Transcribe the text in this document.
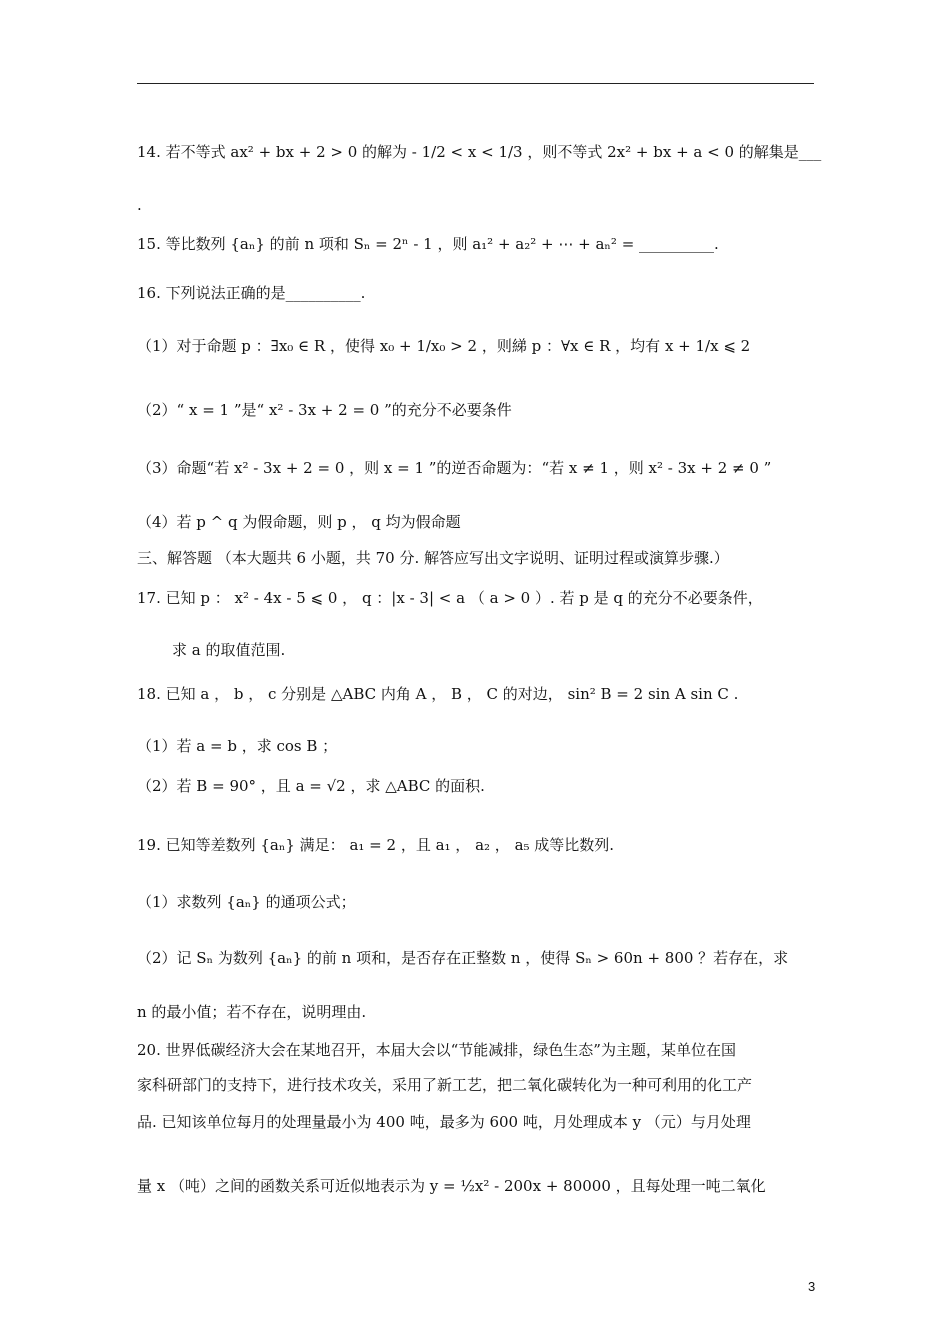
14. 若不等式 ax² + bx + 2 > 0 的解为 - 1/2 < x < 1/3 ，则不等式 2x² + bx + a < 0 的解集是___
.
15. 等比数列 {aₙ} 的前 n 项和 Sₙ = 2ⁿ - 1 ，则 a₁² + a₂² + ⋯ + aₙ² = __________.
16. 下列说法正确的是__________.
（1）对于命题 p ：∃x₀ ∈ R ，使得 x₀ + 1/x₀ > 2 ，则綈 p ：∀x ∈ R ，均有 x + 1/x ⩽ 2
（2）“ x = 1 ”是“ x² - 3x + 2 = 0 ”的充分不必要条件
（3）命题“若 x² - 3x + 2 = 0 ，则 x = 1 ”的逆否命题为：“若 x ≠ 1 ，则 x² - 3x + 2 ≠ 0 ”
（4）若 p ^ q 为假命题，则 p ， q 均为假命题
三、解答题 （本大题共 6 小题，共 70 分. 解答应写出文字说明、证明过程或演算步骤.）
17. 已知 p ： x² - 4x - 5 ⩽ 0 ， q ：|x - 3| < a （ a > 0 ）. 若 p 是 q 的充分不必要条件，
求 a 的取值范围.
18. 已知 a ， b ， c 分别是 △ABC 内角 A ， B ， C 的对边， sin² B = 2 sin A sin C .
（1）若 a = b ，求 cos B ；
（2）若 B = 90° ，且 a = √2 ，求 △ABC 的面积.
19. 已知等差数列 {aₙ} 满足： a₁ = 2 ，且 a₁ ， a₂ ， a₅ 成等比数列.
（1）求数列 {aₙ} 的通项公式；
（2）记 Sₙ 为数列 {aₙ} 的前 n 项和，是否存在正整数 n ，使得 Sₙ > 60n + 800 ？若存在，求
n 的最小值；若不存在，说明理由.
20. 世界低碳经济大会在某地召开，本届大会以“节能减排，绿色生态”为主题，某单位在国
家科研部门的支持下，进行技术攻关，采用了新工艺，把二氧化碳转化为一种可利用的化工产
品. 已知该单位每月的处理量最小为 400 吨，最多为 600 吨，月处理成本 y （元）与月处理
量 x （吨）之间的函数关系可近似地表示为 y = ½x² - 200x + 80000 ，且每处理一吨二氧化
3
